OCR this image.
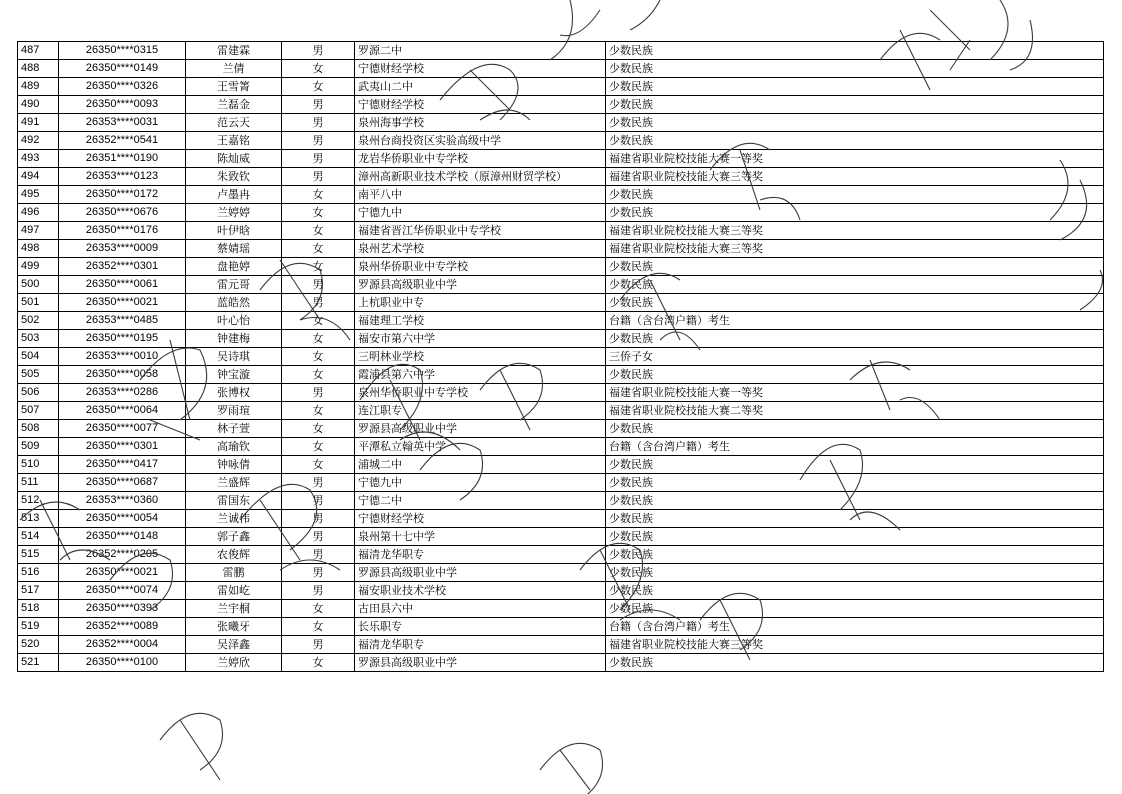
487	26350****0315	雷建霖	男	罗源二中	少数民族
488	26350****0149	兰倩	女	宁德财经学校	少数民族
489	26350****0326	王雪箐	女	武夷山二中	少数民族
490	26350****0093	兰磊金	男	宁德财经学校	少数民族
491	26353****0031	范云天	男	泉州海事学校	少数民族
492	26352****0541	王嘉铭	男	泉州台商投资区实验高级中学	少数民族
493	26351****0190	陈灿威	男	龙岩华侨职业中专学校	福建省职业院校技能大赛一等奖
494	26353****0123	朱致钦	男	漳州高新职业技术学校（原漳州财贸学校）	福建省职业院校技能大赛三等奖
495	26350****0172	卢墨冉	女	南平八中	少数民族
496	26350****0676	兰婷婷	女	宁德九中	少数民族
497	26350****0176	叶伊晗	女	福建省晋江华侨职业中专学校	福建省职业院校技能大赛三等奖
498	26353****0009	蔡婧瑶	女	泉州艺术学校	福建省职业院校技能大赛三等奖
499	26352****0301	盘艳婷	女	泉州华侨职业中专学校	少数民族
500	26350****0061	雷元哥	男	罗源县高级职业中学	少数民族
501	26350****0021	蓝皓然	男	上杭职业中专	少数民族
502	26353****0485	叶心怡	女	福建理工学校	台籍（含台湾户籍）考生
503	26350****0195	钟建梅	女	福安市第六中学	少数民族
504	26353****0010	吴诗琪	女	三明林业学校	三侨子女
505	26350****0058	钟宝漩	女	霞浦县第六中学	少数民族
506	26353****0286	张博权	男	泉州华侨职业中专学校	福建省职业院校技能大赛一等奖
507	26350****0064	罗雨瑄	女	连江职专	福建省职业院校技能大赛二等奖
508	26350****0077	林子萱	女	罗源县高级职业中学	少数民族
509	26350****0301	高瑜钦	女	平潭私立翰英中学	台籍（含台湾户籍）考生
510	26350****0417	钟咏倩	女	浦城二中	少数民族
511	26350****0687	兰盛辉	男	宁德九中	少数民族
512	26353****0360	雷国东	男	宁德二中	少数民族
513	26350****0054	兰诚伟	男	宁德财经学校	少数民族
514	26350****0148	郭子鑫	男	泉州第十七中学	少数民族
515	26352****0205	农俊辉	男	福清龙华职专	少数民族
516	26350****0021	雷鹏	男	罗源县高级职业中学	少数民族
517	26350****0074	雷如屹	男	福安职业技术学校	少数民族
518	26350****0393	兰宇桐	女	古田县六中	少数民族
519	26352****0089	张曦牙	女	长乐职专	台籍（含台湾户籍）考生
520	26352****0004	吴泽鑫	男	福清龙华职专	福建省职业院校技能大赛三等奖
521	26350****0100	兰婷欣	女	罗源县高级职业中学	少数民族
